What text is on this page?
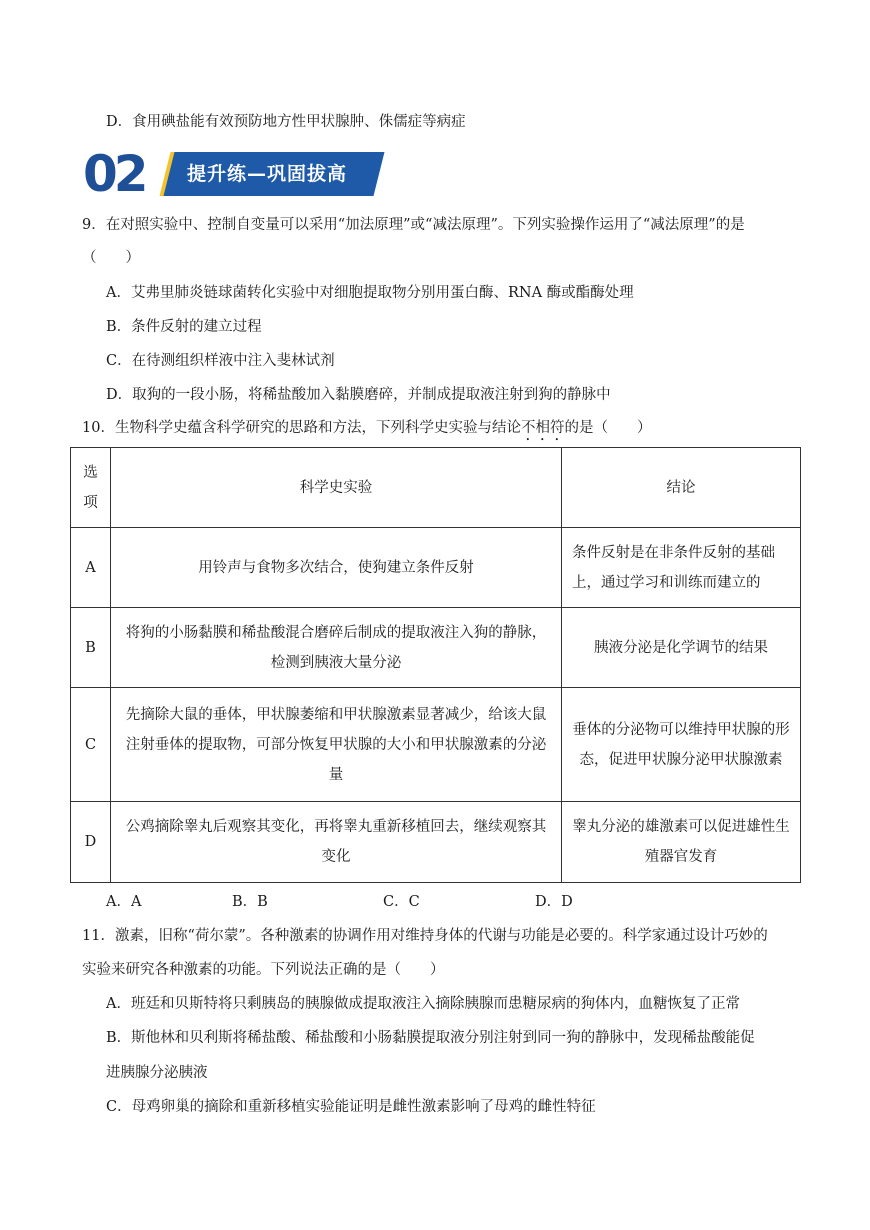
D．食用碘盐能有效预防地方性甲状腺肿、侏儒症等病症
02	提升练—巩固拔高
9．在对照实验中、控制自变量可以采用“加法原理”或“减法原理”。下列实验操作运用了“减法原理”的是
（　　）
A．艾弗里肺炎链球菌转化实验中对细胞提取物分别用蛋白酶、RNA 酶或酯酶处理
B．条件反射的建立过程
C．在待测组织样液中注入斐林试剂
D．取狗的一段小肠，将稀盐酸加入黏膜磨碎，并制成提取液注射到狗的静脉中
10．生物科学史蕴含科学研究的思路和方法，下列科学史实验与结论不相符的是（　　）
选项	科学史实验	结论
A	用铃声与食物多次结合，使狗建立条件反射	条件反射是在非条件反射的基础上，通过学习和训练而建立的
B	将狗的小肠黏膜和稀盐酸混合磨碎后制成的提取液注入狗的静脉，检测到胰液大量分泌	胰液分泌是化学调节的结果
C	先摘除大鼠的垂体，甲状腺萎缩和甲状腺激素显著减少，给该大鼠注射垂体的提取物，可部分恢复甲状腺的大小和甲状腺激素的分泌量	垂体的分泌物可以维持甲状腺的形态，促进甲状腺分泌甲状腺激素
D	公鸡摘除睾丸后观察其变化，再将睾丸重新移植回去，继续观察其变化	睾丸分泌的雄激素可以促进雄性生殖器官发育
A．A	B．B	C．C	D．D
11．激素，旧称“荷尔蒙”。各种激素的协调作用对维持身体的代谢与功能是必要的。科学家通过设计巧妙的
实验来研究各种激素的功能。下列说法正确的是（　　）
A．班廷和贝斯特将只剩胰岛的胰腺做成提取液注入摘除胰腺而患糖尿病的狗体内，血糖恢复了正常
B．斯他林和贝利斯将稀盐酸、稀盐酸和小肠黏膜提取液分别注射到同一狗的静脉中，发现稀盐酸能促
进胰腺分泌胰液
C．母鸡卵巢的摘除和重新移植实验能证明是雌性激素影响了母鸡的雌性特征
